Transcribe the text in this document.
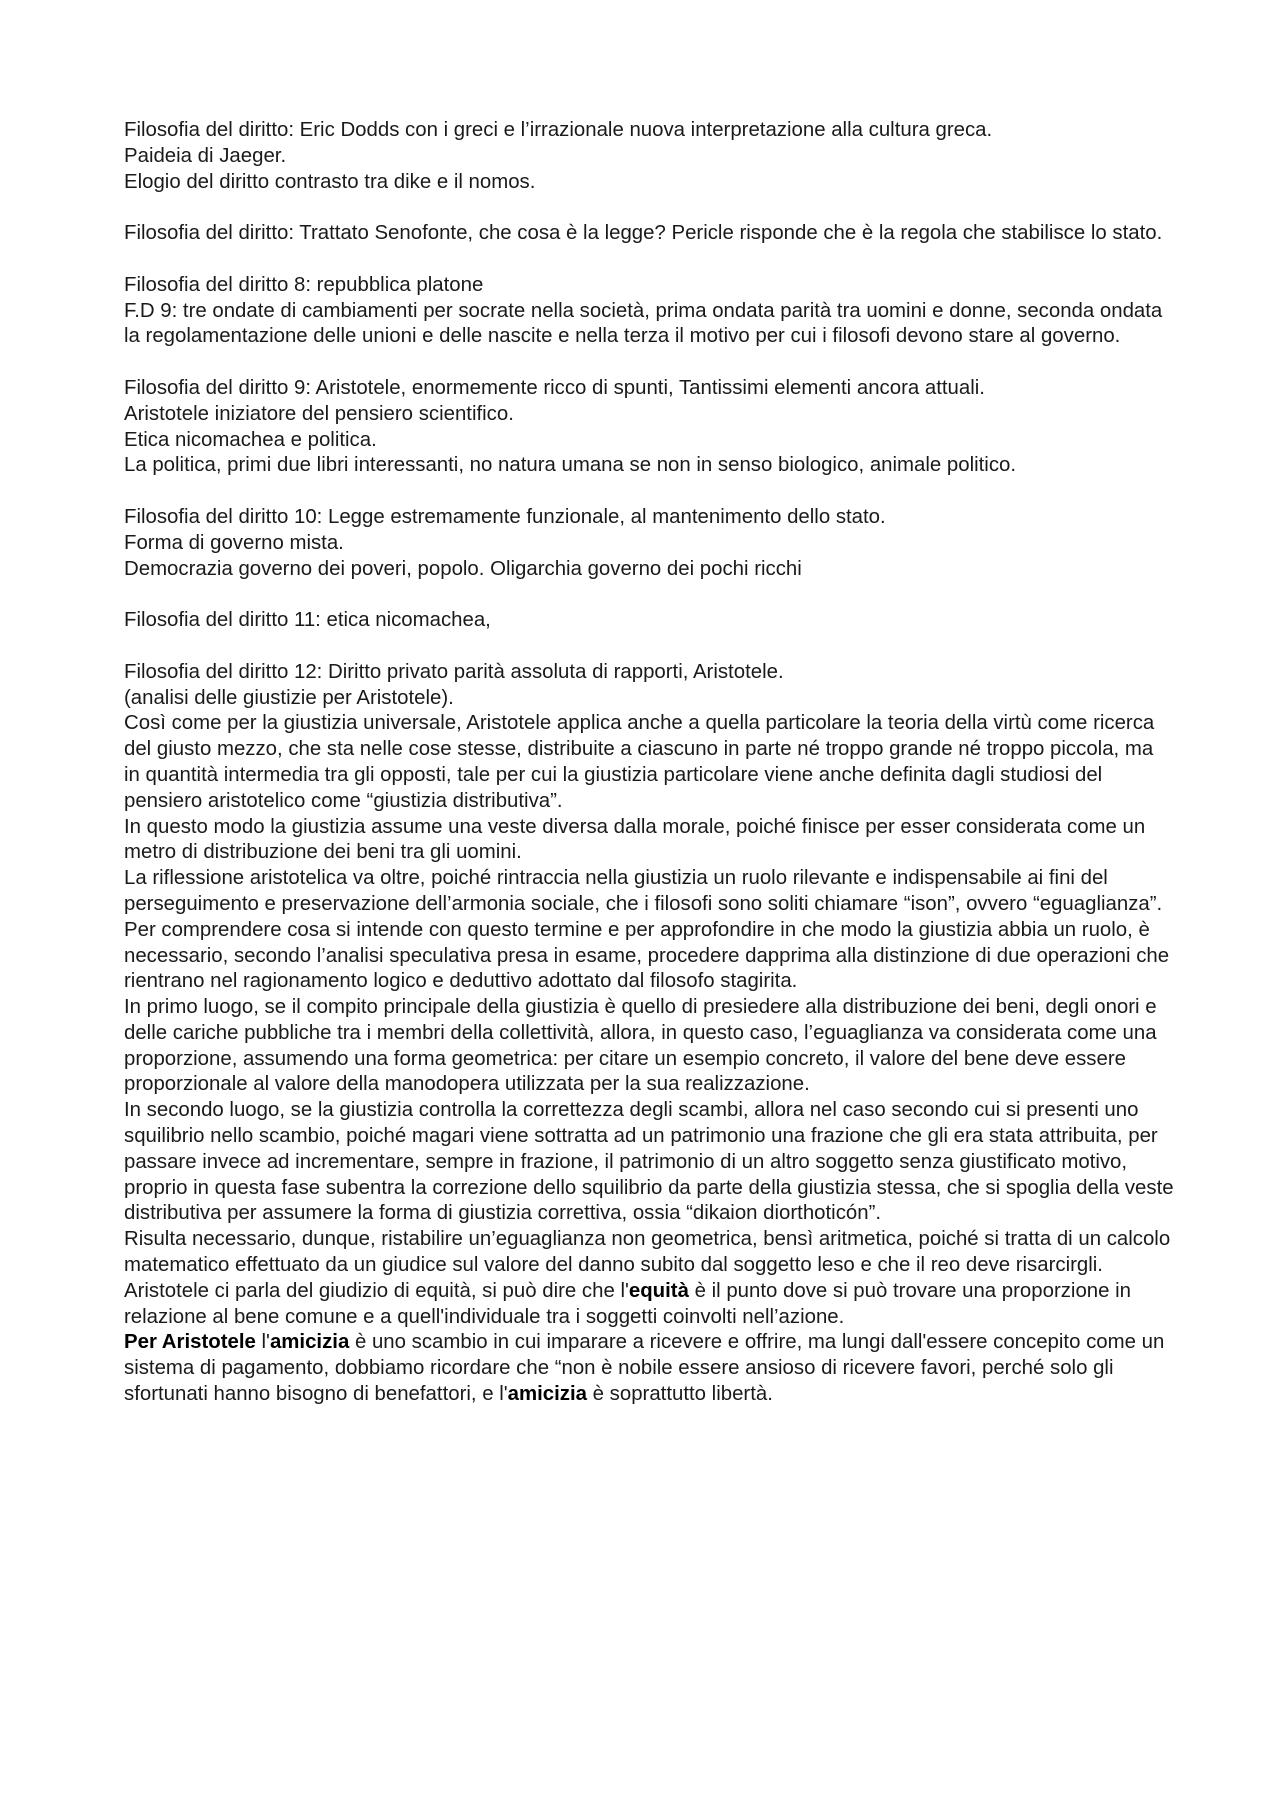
Filosofia del diritto: Eric Dodds con i greci e l’irrazionale nuova interpretazione alla cultura greca.

Paideia di Jaeger.

Elogio del diritto contrasto tra dike e il nomos.

Filosofia del diritto: Trattato Senofonte, che cosa è la legge? Pericle risponde che è la regola che stabilisce lo stato.

Filosofia del diritto 8: repubblica platone

F.D 9: tre ondate di cambiamenti per socrate nella società, prima ondata parità tra uomini e donne, seconda ondata la regolamentazione delle unioni e delle nascite e nella terza il motivo per cui i filosofi devono stare al governo.

Filosofia del diritto 9: Aristotele, enormemente ricco di spunti, Tantissimi elementi ancora attuali.

Aristotele iniziatore del pensiero scientifico.

Etica nicomachea e politica.

La politica, primi due libri interessanti, no natura umana se non in senso biologico, animale politico.

Filosofia del diritto 10: Legge estremamente funzionale, al mantenimento dello stato.

Forma di governo mista.

Democrazia governo dei poveri, popolo. Oligarchia governo dei pochi ricchi

Filosofia del diritto 11: etica nicomachea,

Filosofia del diritto 12: Diritto privato parità assoluta di rapporti, Aristotele.

(analisi delle giustizie per Aristotele).

Così come per la giustizia universale, Aristotele applica anche a quella particolare la teoria della virtù come ricerca del giusto mezzo, che sta nelle cose stesse, distribuite a ciascuno in parte né troppo grande né troppo piccola, ma in quantità intermedia tra gli opposti, tale per cui la giustizia particolare viene anche definita dagli studiosi del pensiero aristotelico come “giustizia distributiva”.

In questo modo la giustizia assume una veste diversa dalla morale, poiché finisce per esser considerata come un metro di distribuzione dei beni tra gli uomini.

La riflessione aristotelica va oltre, poiché rintraccia nella giustizia un ruolo rilevante e indispensabile ai fini del perseguimento e preservazione dell’armonia sociale, che i filosofi sono soliti chiamare “ison”, ovvero “eguaglianza”.

Per comprendere cosa si intende con questo termine e per approfondire in che modo la giustizia abbia un ruolo, è necessario, secondo l’analisi speculativa presa in esame, procedere dapprima alla distinzione di due operazioni che rientrano nel ragionamento logico e deduttivo adottato dal filosofo stagirita.

In primo luogo, se il compito principale della giustizia è quello di presiedere alla distribuzione dei beni, degli onori e delle cariche pubbliche tra i membri della collettività, allora, in questo caso, l’eguaglianza va considerata come una proporzione, assumendo una forma geometrica: per citare un esempio concreto, il valore del bene deve essere proporzionale al valore della manodopera utilizzata per la sua realizzazione.

In secondo luogo, se la giustizia controlla la correttezza degli scambi, allora nel caso secondo cui si presenti uno squilibrio nello scambio, poiché magari viene sottratta ad un patrimonio una frazione che gli era stata attribuita, per passare invece ad incrementare, sempre in frazione, il patrimonio di un altro soggetto senza giustificato motivo, proprio in questa fase subentra la correzione dello squilibrio da parte della giustizia stessa, che si spoglia della veste distributiva per assumere la forma di giustizia correttiva, ossia “dikaion diorthoticón”.

Risulta necessario, dunque, ristabilire un’eguaglianza non geometrica, bensì aritmetica, poiché si tratta di un calcolo matematico effettuato da un giudice sul valore del danno subito dal soggetto leso e che il reo deve risarcirgli.

Aristotele ci parla del giudizio di equità, si può dire che l'equità è il punto dove si può trovare una proporzione in relazione al bene comune e a quell'individuale tra i soggetti coinvolti nell’azione.

Per Aristotele l'amicizia è uno scambio in cui imparare a ricevere e offrire, ma lungi dall'essere concepito come un sistema di pagamento, dobbiamo ricordare che “non è nobile essere ansioso di ricevere favori, perché solo gli sfortunati hanno bisogno di benefattori, e l'amicizia è soprattutto libertà.
